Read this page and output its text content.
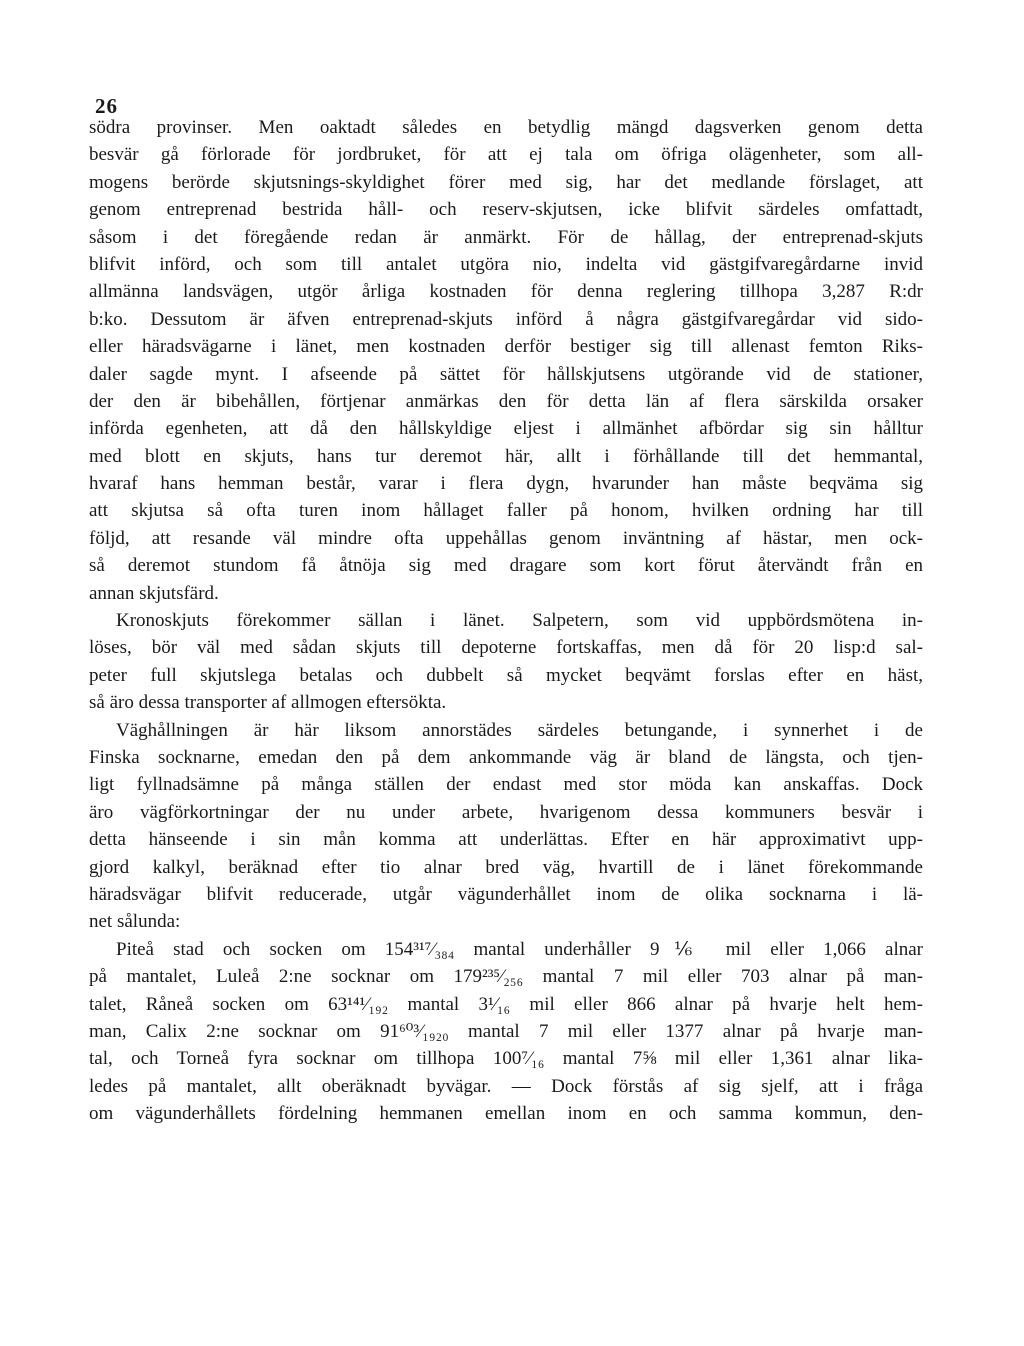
26
södra provinser. Men oaktadt således en betydlig mängd dagsverken genom detta
besvär gå förlorade för jordbruket, för att ej tala om öfriga olägenheter, som all-
mogens berörde skjutsnings-skyldighet förer med sig, har det medlande förslaget, att
genom entreprenad bestrida håll- och reserv-skjutsen, icke blifvit särdeles omfattadt,
såsom i det föregående redan är anmärkt. För de hållag, der entreprenad-skjuts
blifvit införd, och som till antalet utgöra nio, indelta vid gästgifvaregårdarne invid
allmänna landsvägen, utgör årliga kostnaden för denna reglering tillhopa 3,287 R:dr
b:ko. Dessutom är äfven entreprenad-skjuts införd å några gästgifvaregårdar vid sido-
eller häradsvägarne i länet, men kostnaden derför bestiger sig till allenast femton Riks-
daler sagde mynt. I afseende på sättet för hållskjutsens utgörande vid de stationer,
der den är bibehållen, förtjenar anmärkas den för detta län af flera särskilda orsaker
införda egenheten, att då den hållskyldige eljest i allmänhet afbördar sig sin hålltur
med blott en skjuts, hans tur deremot här, allt i förhållande till det hemmantal,
hvaraf hans hemman består, varar i flera dygn, hvarunder han måste beqväma sig
att skjutsa så ofta turen inom hållaget faller på honom, hvilken ordning har till
följd, att resande väl mindre ofta uppehållas genom inväntning af hästar, men ock-
så deremot stundom få åtnöja sig med dragare som kort förut återvändt från en
annan skjutsfärd.
Kronoskjuts förekommer sällan i länet. Salpetern, som vid uppbördsmötena in-
löses, bör väl med sådan skjuts till depoterne fortskaffas, men då för 20 lisp:d sal-
peter full skjutslega betalas och dubbelt så mycket beqvämt forslas efter en häst,
så äro dessa transporter af allmogen eftersökta.
Väghållningen är här liksom annorstädes särdeles betungande, i synnerhet i de
Finska socknarne, emedan den på dem ankommande väg är bland de längsta, och tjen-
ligt fyllnadsämne på många ställen der endast med stor möda kan anskaffas. Dock
äro vägförkortningar der nu under arbete, hvarigenom dessa kommuners besvär i
detta hänseende i sin mån komma att underlättas. Efter en här approximativt upp-
gjord kalkyl, beräknad efter tio alnar bred väg, hvartill de i länet förekommande
häradsvägar blifvit reducerade, utgår vägunderhållet inom de olika socknarna i lä-
net sålunda:
Piteå stad och socken om 154³¹⁷⁄₃₈₄ mantal underhåller 9⅙ mil eller 1,066 alnar
på mantalet, Luleå 2:ne socknar om 179²³⁵⁄₂₅₆ mantal 7 mil eller 703 alnar på man-
talet, Råneå socken om 63¹⁴¹⁄₁₉₂ mantal 3¹⁄₁₆ mil eller 866 alnar på hvarje helt hem-
man, Calix 2:ne socknar om 91⁶⁰³⁄₁₉₂₀ mantal 7 mil eller 1377 alnar på hvarje man-
tal, och Torneå fyra socknar om tillhopa 100⁷⁄₁₆ mantal 7⅝ mil eller 1,361 alnar lika-
ledes på mantalet, allt oberäknadt byvägar. — Dock förstås af sig sjelf, att i fråga
om vägunderhållets fördelning hemmanen emellan inom en och samma kommun, den-
